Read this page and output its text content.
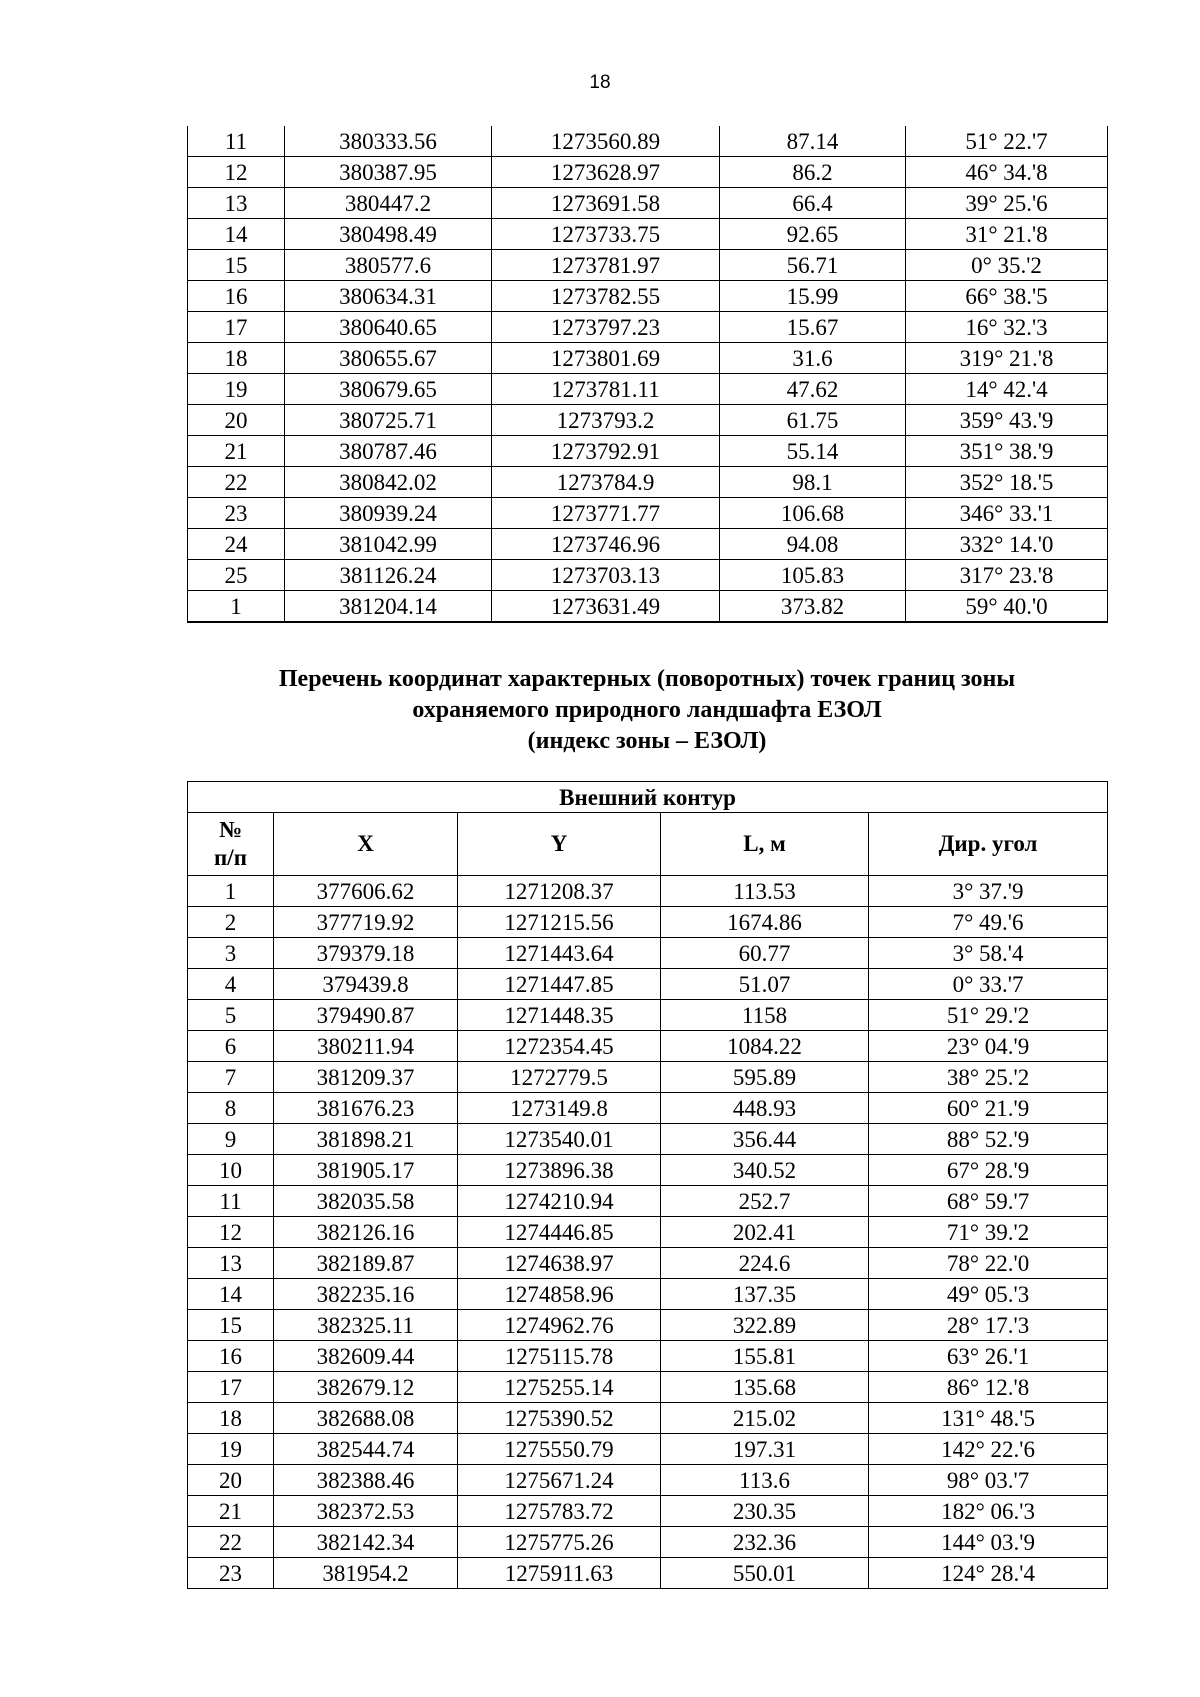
18
11	380333.56	1273560.89	87.14	51° 22.'7
12	380387.95	1273628.97	86.2	46° 34.'8
13	380447.2	1273691.58	66.4	39° 25.'6
14	380498.49	1273733.75	92.65	31° 21.'8
15	380577.6	1273781.97	56.71	0° 35.'2
16	380634.31	1273782.55	15.99	66° 38.'5
17	380640.65	1273797.23	15.67	16° 32.'3
18	380655.67	1273801.69	31.6	319° 21.'8
19	380679.65	1273781.11	47.62	14° 42.'4
20	380725.71	1273793.2	61.75	359° 43.'9
21	380787.46	1273792.91	55.14	351° 38.'9
22	380842.02	1273784.9	98.1	352° 18.'5
23	380939.24	1273771.77	106.68	346° 33.'1
24	381042.99	1273746.96	94.08	332° 14.'0
25	381126.24	1273703.13	105.83	317° 23.'8
1	381204.14	1273631.49	373.82	59° 40.'0
Перечень координат характерных (поворотных) точек границ зоны
охраняемого природного ландшафта ЕЗОЛ
(индекс зоны – ЕЗОЛ)
Внешний контур				

№
п/п	X	Y	L, м	Дир. угол
1	377606.62	1271208.37	113.53	3° 37.'9
2	377719.92	1271215.56	1674.86	7° 49.'6
3	379379.18	1271443.64	60.77	3° 58.'4
4	379439.8	1271447.85	51.07	0° 33.'7
5	379490.87	1271448.35	1158	51° 29.'2
6	380211.94	1272354.45	1084.22	23° 04.'9
7	381209.37	1272779.5	595.89	38° 25.'2
8	381676.23	1273149.8	448.93	60° 21.'9
9	381898.21	1273540.01	356.44	88° 52.'9
10	381905.17	1273896.38	340.52	67° 28.'9
11	382035.58	1274210.94	252.7	68° 59.'7
12	382126.16	1274446.85	202.41	71° 39.'2
13	382189.87	1274638.97	224.6	78° 22.'0
14	382235.16	1274858.96	137.35	49° 05.'3
15	382325.11	1274962.76	322.89	28° 17.'3
16	382609.44	1275115.78	155.81	63° 26.'1
17	382679.12	1275255.14	135.68	86° 12.'8
18	382688.08	1275390.52	215.02	131° 48.'5
19	382544.74	1275550.79	197.31	142° 22.'6
20	382388.46	1275671.24	113.6	98° 03.'7
21	382372.53	1275783.72	230.35	182° 06.'3
22	382142.34	1275775.26	232.36	144° 03.'9
23	381954.2	1275911.63	550.01	124° 28.'4
